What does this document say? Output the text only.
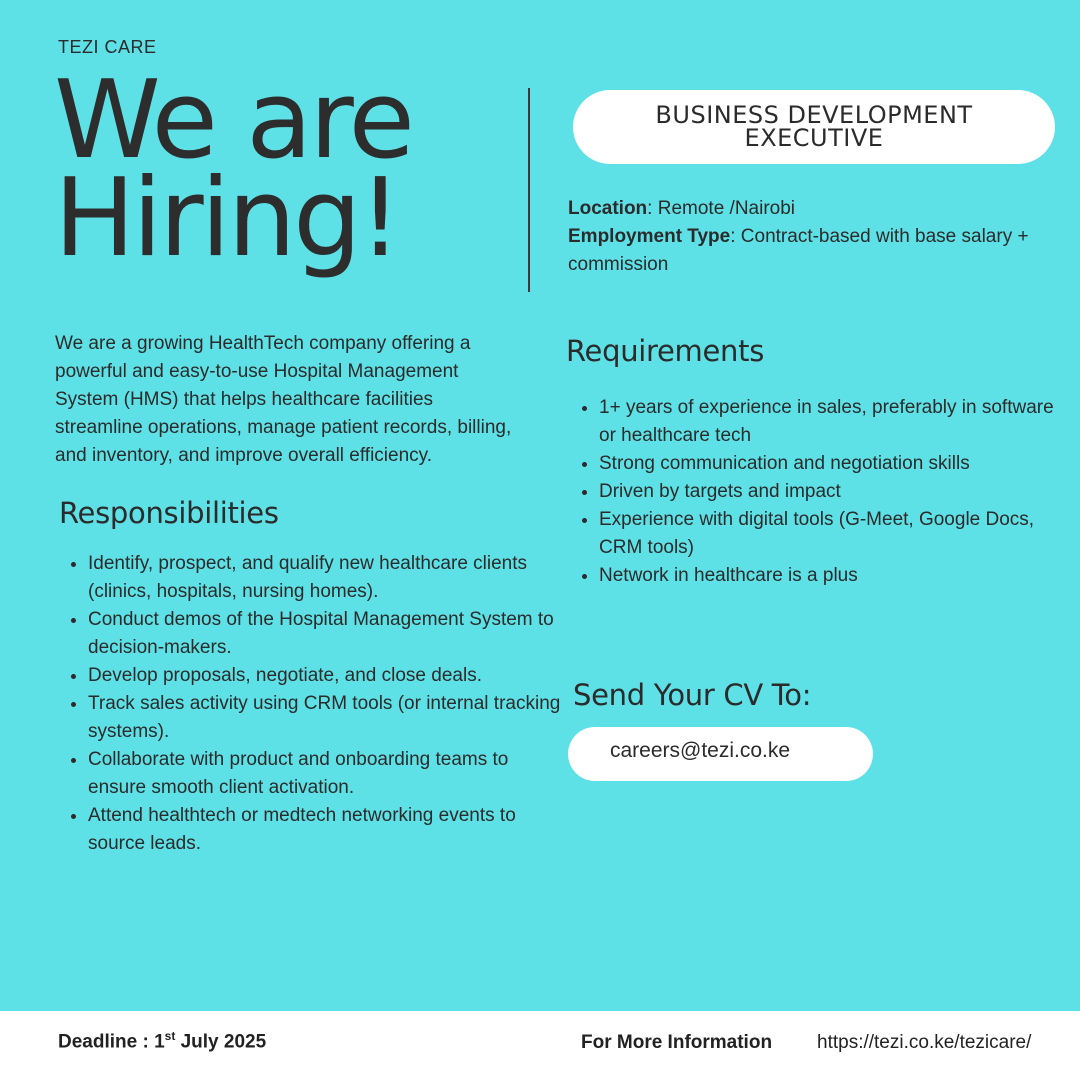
TEZI CARE
We are
Hiring!
BUSINESS DEVELOPMENT EXECUTIVE
Location: Remote /Nairobi
Employment Type: Contract-based with base salary + commission
We are a growing HealthTech company offering a powerful and easy-to-use Hospital Management System (HMS) that helps healthcare facilities streamline operations, manage patient records, billing, and inventory, and improve overall efficiency.
Responsibilities
• Identify, prospect, and qualify new healthcare clients (clinics, hospitals, nursing homes).
• Conduct demos of the Hospital Management System to decision-makers.
• Develop proposals, negotiate, and close deals.
• Track sales activity using CRM tools (or internal tracking systems).
• Collaborate with product and onboarding teams to ensure smooth client activation.
• Attend healthtech or medtech networking events to source leads.
Requirements
• 1+ years of experience in sales, preferably in software or healthcare tech
• Strong communication and negotiation skills
• Driven by targets and impact
• Experience with digital tools (G-Meet, Google Docs, CRM tools)
• Network in healthcare is a plus
Send Your CV To:
careers@tezi.co.ke
Deadline : 1st July 2025	For More Information https://tezi.co.ke/tezicare/
